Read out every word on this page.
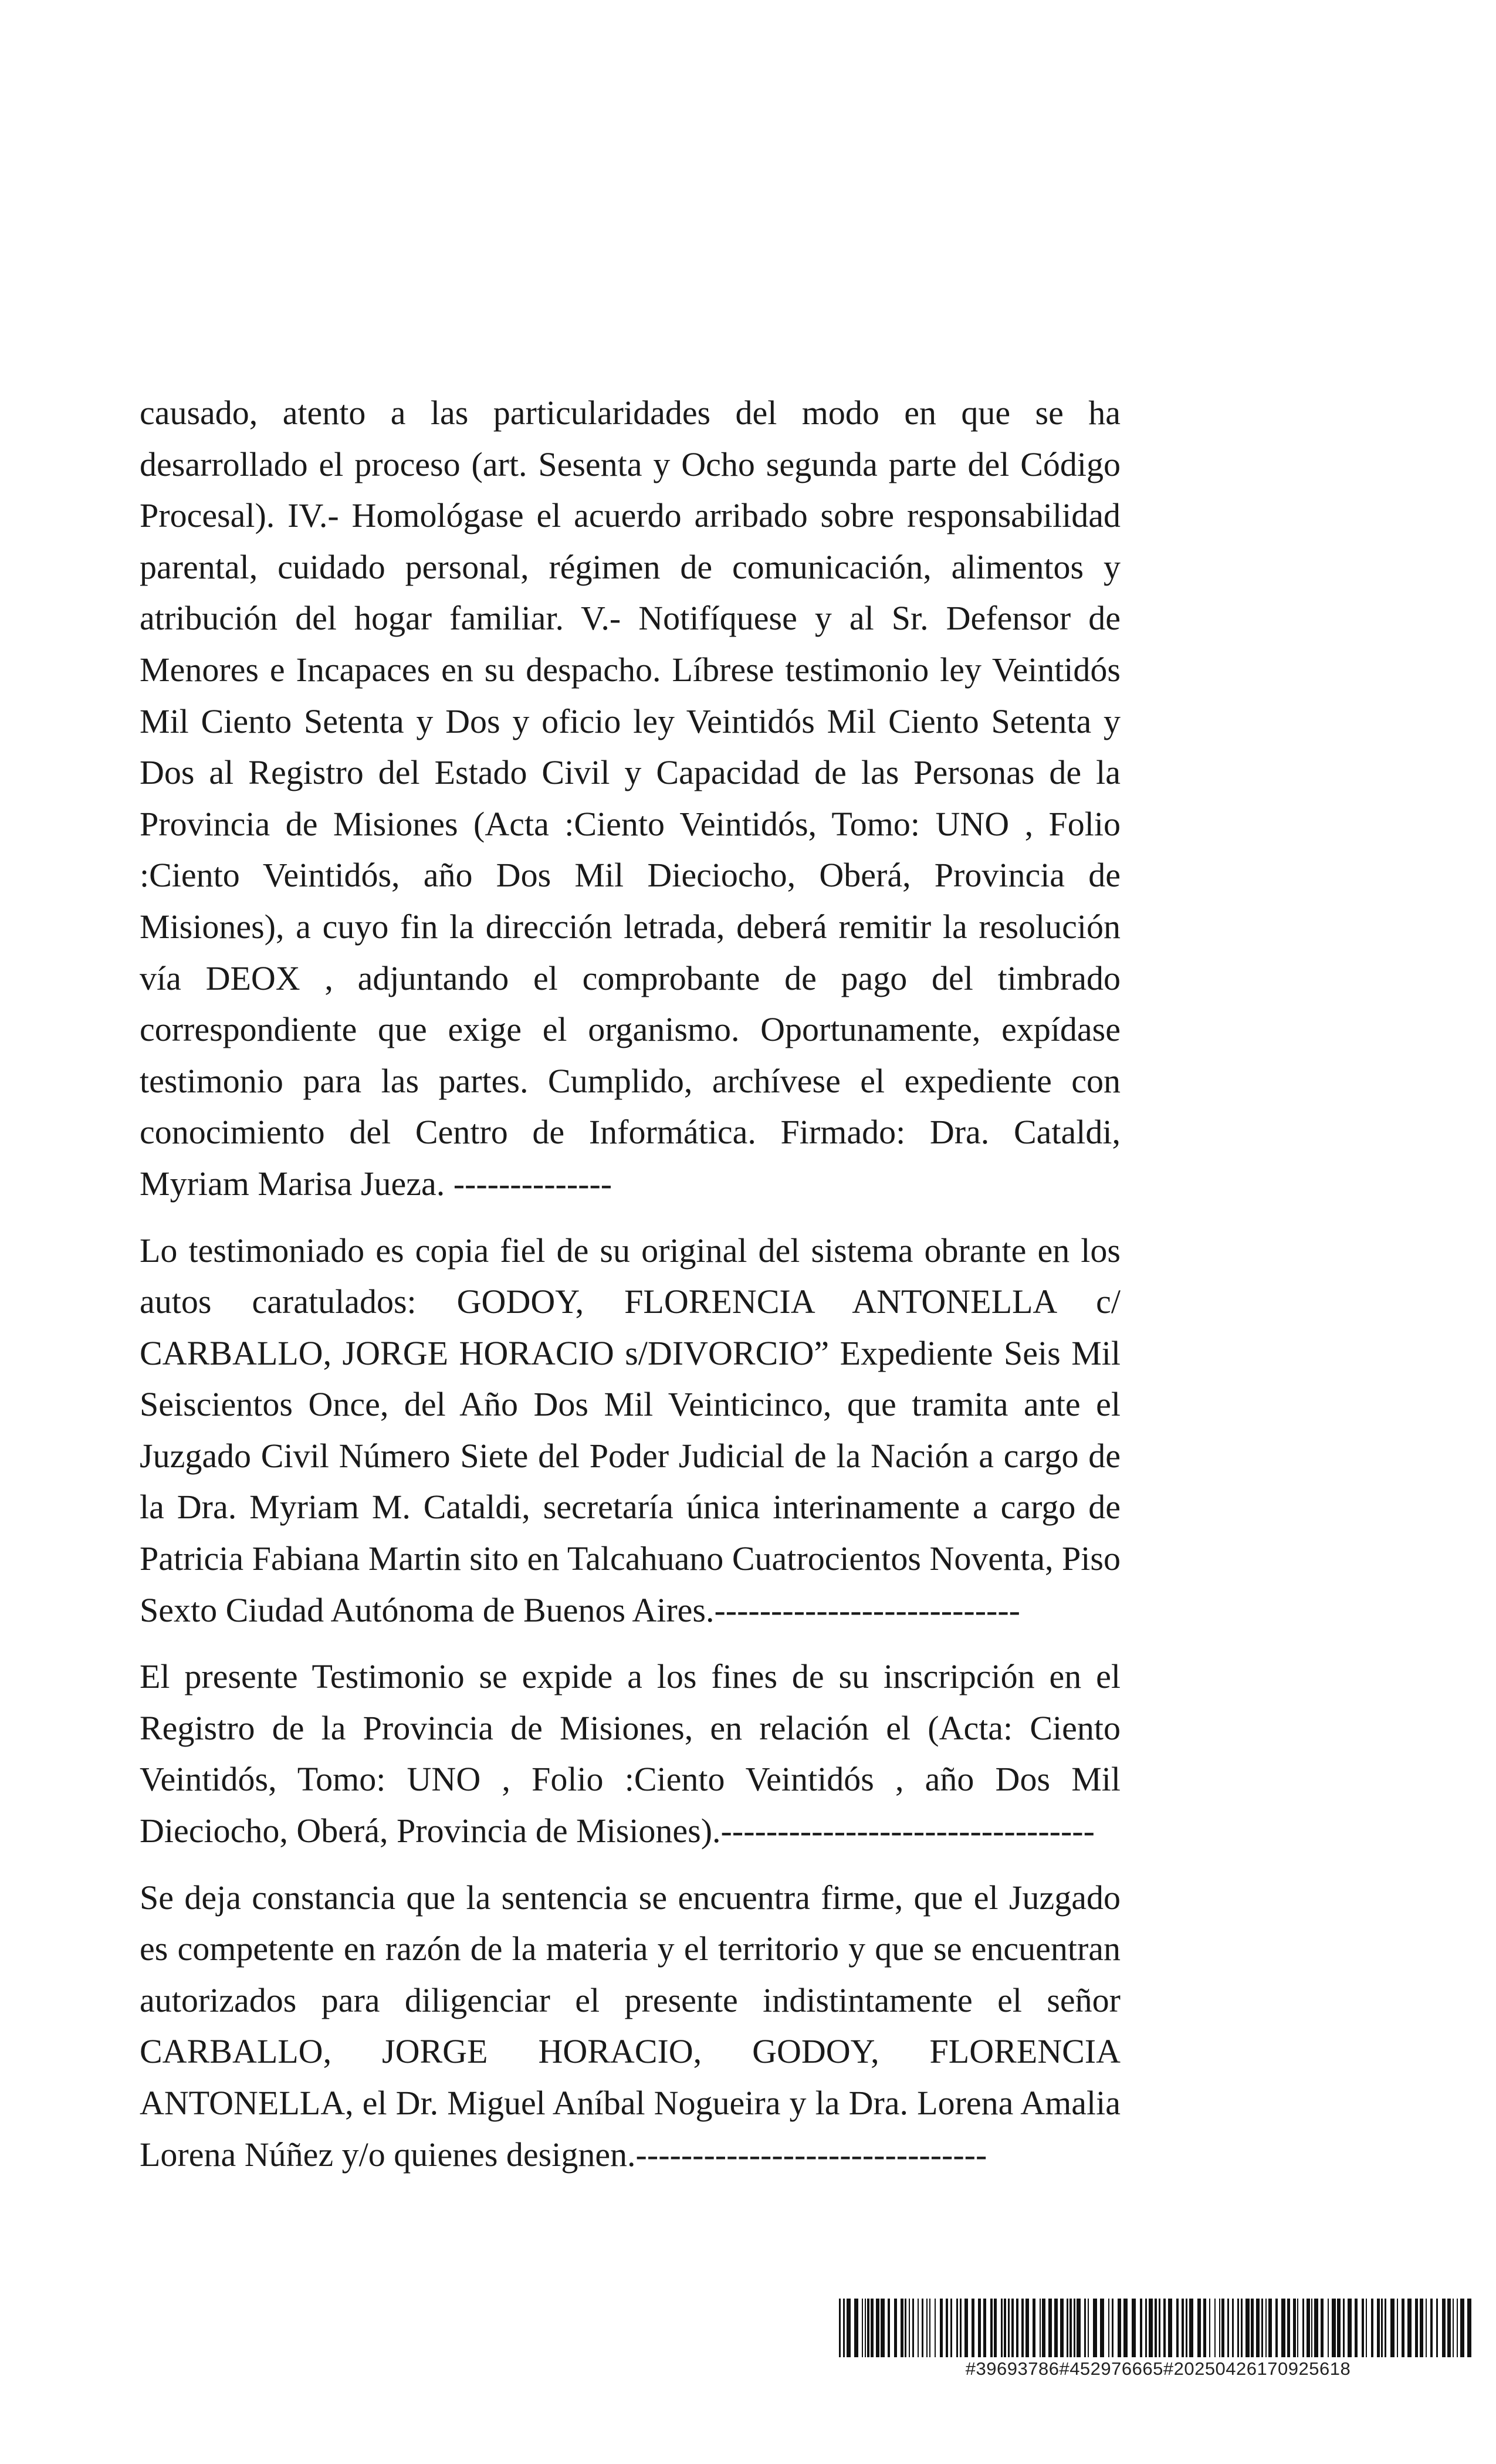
causado, atento a las particularidades del modo en que se ha desarrollado el proceso (art. Sesenta y Ocho segunda parte del Código Procesal). IV.- Homológase el acuerdo arribado sobre responsabilidad parental, cuidado personal, régimen de comunicación, alimentos y atribución del hogar familiar. V.- Notifíquese y al Sr. Defensor de Menores e Incapaces en su despacho. Líbrese testimonio ley Veintidós Mil Ciento Setenta y Dos y oficio ley Veintidós Mil Ciento Setenta y Dos al Registro del Estado Civil y Capacidad de las Personas de la Provincia de Misiones (Acta :Ciento Veintidós, Tomo: UNO , Folio :Ciento Veintidós, año Dos Mil Dieciocho, Oberá, Provincia de Misiones), a cuyo fin la dirección letrada, deberá remitir la resolución vía DEOX , adjuntando el comprobante de pago del timbrado correspondiente que exige el organismo. Oportunamente, expídase testimonio para las partes. Cumplido, archívese el expediente con conocimiento del Centro de Informática. Firmado: Dra. Cataldi, Myriam Marisa Jueza. --------------

Lo testimoniado es copia fiel de su original del sistema obrante en los autos caratulados: GODOY, FLORENCIA ANTONELLA c/ CARBALLO, JORGE HORACIO s/DIVORCIO” Expediente Seis Mil Seiscientos Once, del Año Dos Mil Veinticinco, que tramita ante el Juzgado Civil Número Siete del Poder Judicial de la Nación a cargo de la Dra. Myriam M. Cataldi, secretaría única interinamente a cargo de Patricia Fabiana Martin sito en Talcahuano Cuatrocientos Noventa, Piso Sexto Ciudad Autónoma de Buenos Aires.---------------------------

El presente Testimonio se expide a los fines de su inscripción en el Registro de la Provincia de Misiones, en relación el (Acta: Ciento Veintidós, Tomo: UNO , Folio :Ciento Veintidós , año Dos Mil Dieciocho, Oberá, Provincia de Misiones).---------------------------------

Se deja constancia que la sentencia se encuentra firme, que el Juzgado es competente en razón de la materia y el territorio y que se encuentran autorizados para diligenciar el presente indistintamente el señor CARBALLO, JORGE HORACIO, GODOY, FLORENCIA ANTONELLA, el Dr. Miguel Aníbal Nogueira y la Dra. Lorena Amalia Lorena Núñez y/o quienes designen.-------------------------------

#39693786#452976665#20250426170925618
